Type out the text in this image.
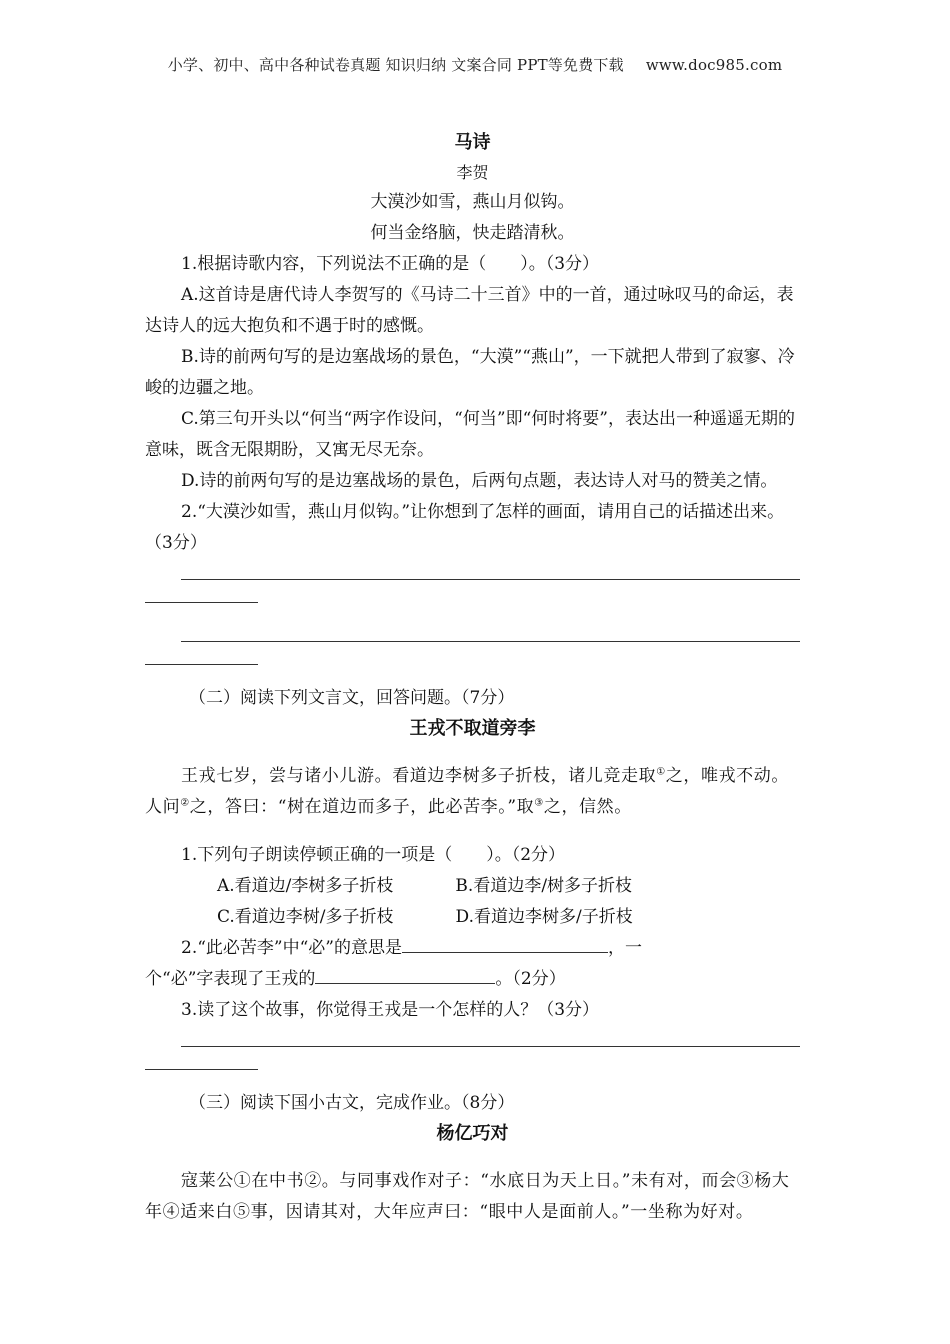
小学、初中、高中各种试卷真题 知识归纳 文案合同 PPT等免费下载 www.doc985.com
马诗
李贺
大漠沙如雪，燕山月似钩。
何当金络脑，快走踏清秋。

1.根据诗歌内容，下列说法不正确的是（　　）。（3分）

A.这首诗是唐代诗人李贺写的《马诗二十三首》中的一首，通过咏叹马的命运，表达诗人的远大抱负和不遇于时的感慨。

B.诗的前两句写的是边塞战场的景色，“大漠”“燕山”，一下就把人带到了寂寥、冷峻的边疆之地。

C.第三句开头以“何当“两字作设问，“何当”即“何时将要”，表达出一种遥遥无期的意味，既含无限期盼，又寓无尽无奈。

D.诗的前两句写的是边塞战场的景色，后两句点题，表达诗人对马的赞美之情。

2.“大漠沙如雪，燕山月似钩。”让你想到了怎样的画面，请用自己的话描述出来。（3分）

（二）阅读下列文言文，回答问题。（7分）
王戎不取道旁李

王戎七岁，尝与诸小儿游。看道边李树多子折枝，诸儿竞走取①之，唯戎不动。人问②之，答曰：“树在道边而多子，此必苦李。”取③之，信然。

1.下列句子朗读停顿正确的一项是（　　）。（2分）

A.看道边/李树多子折枝	B.看道边李/树多子折枝

C.看道边李树/多子折枝	D.看道边李树多/子折枝

2.“此必苦李”中“必”的意思是	，一

个“必”字表现了王戎的	。（2分）

3.读了这个故事，你觉得王戎是一个怎样的人？（3分）

（三）阅读下国小古文，完成作业。（8分）
杨亿巧对

寇莱公①在中书②。与同事戏作对子：“水底日为天上日。”未有对，而会③杨大年④适来白⑤事，因请其对，大年应声曰：“眼中人是面前人。”一坐称为好对。
